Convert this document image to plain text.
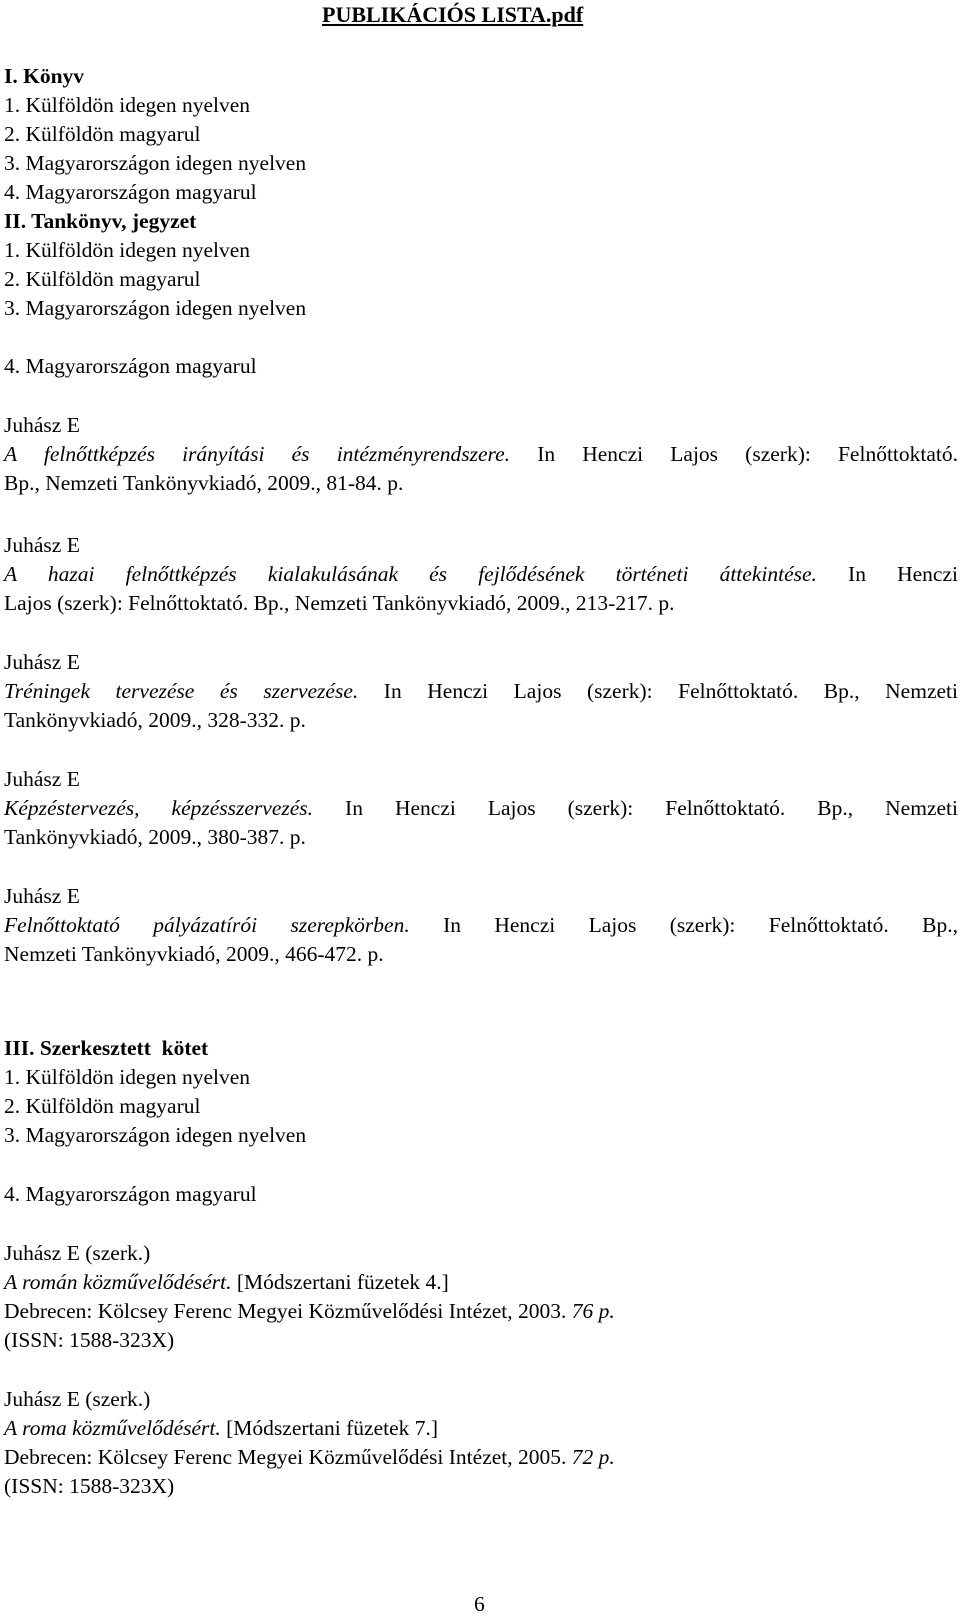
PUBLIKÁCIÓS LISTA.pdf
I. Könyv
1. Külföldön idegen nyelven
2. Külföldön magyarul
3. Magyarországon idegen nyelven
4. Magyarországon magyarul
II. Tankönyv, jegyzet
1. Külföldön idegen nyelven
2. Külföldön magyarul
3. Magyarországon idegen nyelven
4. Magyarországon magyarul
Juhász E
A felnőttképzés irányítási és intézményrendszere. In Henczi Lajos (szerk): Felnőttoktató.
Bp., Nemzeti Tankönyvkiadó, 2009., 81-84. p.
Juhász E
A hazai felnőttképzés kialakulásának és fejlődésének történeti áttekintése. In Henczi
Lajos (szerk): Felnőttoktató. Bp., Nemzeti Tankönyvkiadó, 2009., 213-217. p.
Juhász E
Tréningek tervezése és szervezése. In Henczi Lajos (szerk): Felnőttoktató. Bp., Nemzeti
Tankönyvkiadó, 2009., 328-332. p.
Juhász E
Képzéstervezés, képzésszervezés. In Henczi Lajos (szerk): Felnőttoktató. Bp., Nemzeti
Tankönyvkiadó, 2009., 380-387. p.
Juhász E
Felnőttoktató pályázatírói szerepkörben. In Henczi Lajos (szerk): Felnőttoktató. Bp.,
Nemzeti Tankönyvkiadó, 2009., 466-472. p.
III. Szerkesztett  kötet
1. Külföldön idegen nyelven
2. Külföldön magyarul
3. Magyarországon idegen nyelven
4. Magyarországon magyarul
Juhász E (szerk.)
A román közművelődésért. [Módszertani füzetek 4.]
Debrecen: Kölcsey Ferenc Megyei Közművelődési Intézet, 2003. 76 p.
(ISSN: 1588-323X)
Juhász E (szerk.)
A roma közművelődésért. [Módszertani füzetek 7.]
Debrecen: Kölcsey Ferenc Megyei Közművelődési Intézet, 2005. 72 p.
(ISSN: 1588-323X)
6
